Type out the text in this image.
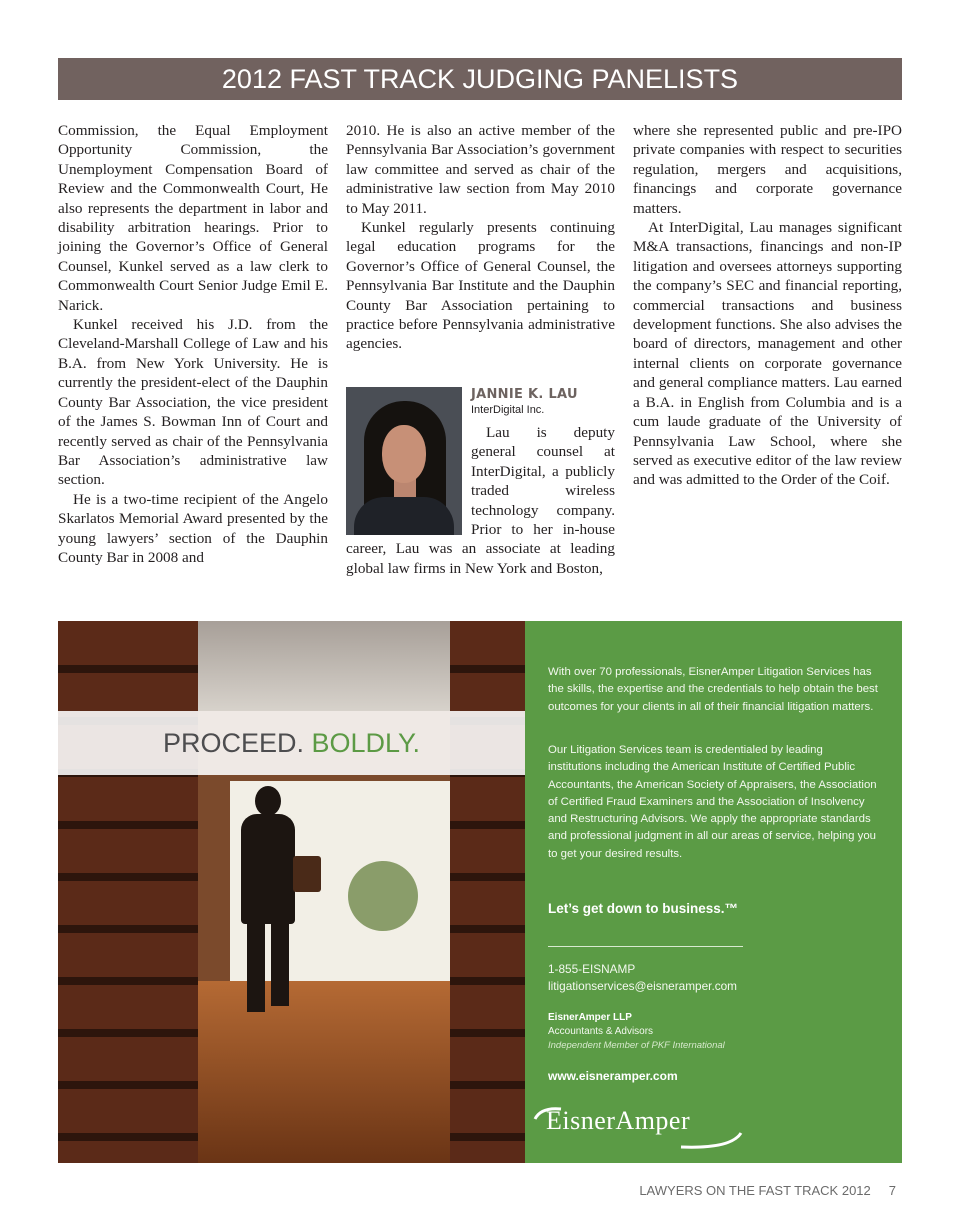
2012 FAST TRACK JUDGING PANELISTS

Commission, the Equal Employment Opportunity Commission, the Unemployment Compensation Board of Review and the Commonwealth Court, He also represents the department in labor and disability arbitration hearings. Prior to joining the Governor’s Office of General Counsel, Kunkel served as a law clerk to Commonwealth Court Senior Judge Emil E. Narick.

Kunkel received his J.D. from the Cleveland-Marshall College of Law and his B.A. from New York University. He is currently the president-elect of the Dauphin County Bar Association, the vice president of the James S. Bowman Inn of Court and recently served as chair of the Pennsylvania Bar Association’s administrative law section.

He is a two-time recipient of the Angelo Skarlatos Memorial Award presented by the young lawyers’ section of the Dauphin County Bar in 2008 and

2010. He is also an active member of the Pennsylvania Bar Association’s government law committee and served as chair of the administrative law section from May 2010 to May 2011.

Kunkel regularly presents continuing legal education programs for the Governor’s Office of General Counsel, the Pennsylvania Bar Institute and the Dauphin County Bar Association pertaining to practice before Pennsylvania administrative agencies.

JANNIE K. LAU

InterDigital Inc.

Lau is deputy general counsel at InterDigital, a publicly traded wireless technology company. Prior to her in-house career, Lau was an associate at leading global law firms in New York and Boston,

where she represented public and pre-IPO private companies with respect to securities regulation, mergers and acquisitions, financings and corporate governance matters.

At InterDigital, Lau manages significant M&A transactions, financings and non-IP litigation and oversees attorneys supporting the company’s SEC and financial reporting, commercial transactions and business development functions. She also advises the board of directors, management and other internal clients on corporate governance and general compliance matters. Lau earned a B.A. in English from Columbia and is a cum laude graduate of the University of Pennsylvania Law School, where she served as executive editor of the law review and was admitted to the Order of the Coif.

PROCEED. BOLDLY.

With over 70 professionals, EisnerAmper Litigation Services has the skills, the expertise and the credentials to help obtain the best outcomes for your clients in all of their financial litigation matters.

Our Litigation Services team is credentialed by leading institutions including the American Institute of Certified Public Accountants, the American Society of Appraisers, the Association of Certified Fraud Examiners and the Association of Insolvency and Restructuring Advisors. We apply the appropriate standards and professional judgment in all our areas of service, helping you to get your desired results.

Let’s get down to business.™

1-855-EISNAMP

litigationservices@eisneramper.com

EisnerAmper LLP

Accountants & Advisors

Independent Member of PKF International

www.eisneramper.com

EisnerAmper
LAWYERS ON THE FAST TRACK 2012 7
